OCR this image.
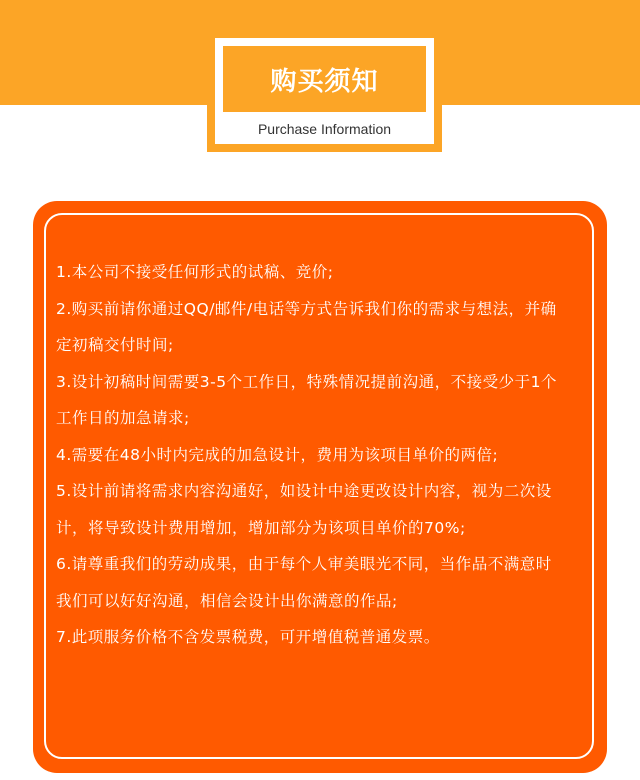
购买须知
Purchase Information
1.本公司不接受任何形式的试稿、竞价;
2.购买前请你通过QQ/邮件/电话等方式告诉我们你的需求与想法，并确定初稿交付时间;
3.设计初稿时间需要3-5个工作日，特殊情况提前沟通，不接受少于1个工作日的加急请求;
4.需要在48小时内完成的加急设计，费用为该项目单价的两倍;
5.设计前请将需求内容沟通好，如设计中途更改设计内容，视为二次设计，将导致设计费用增加，增加部分为该项目单价的70%;
6.请尊重我们的劳动成果，由于每个人审美眼光不同，当作品不满意时我们可以好好沟通，相信会设计出你满意的作品;
7.此项服务价格不含发票税费，可开增值税普通发票。
